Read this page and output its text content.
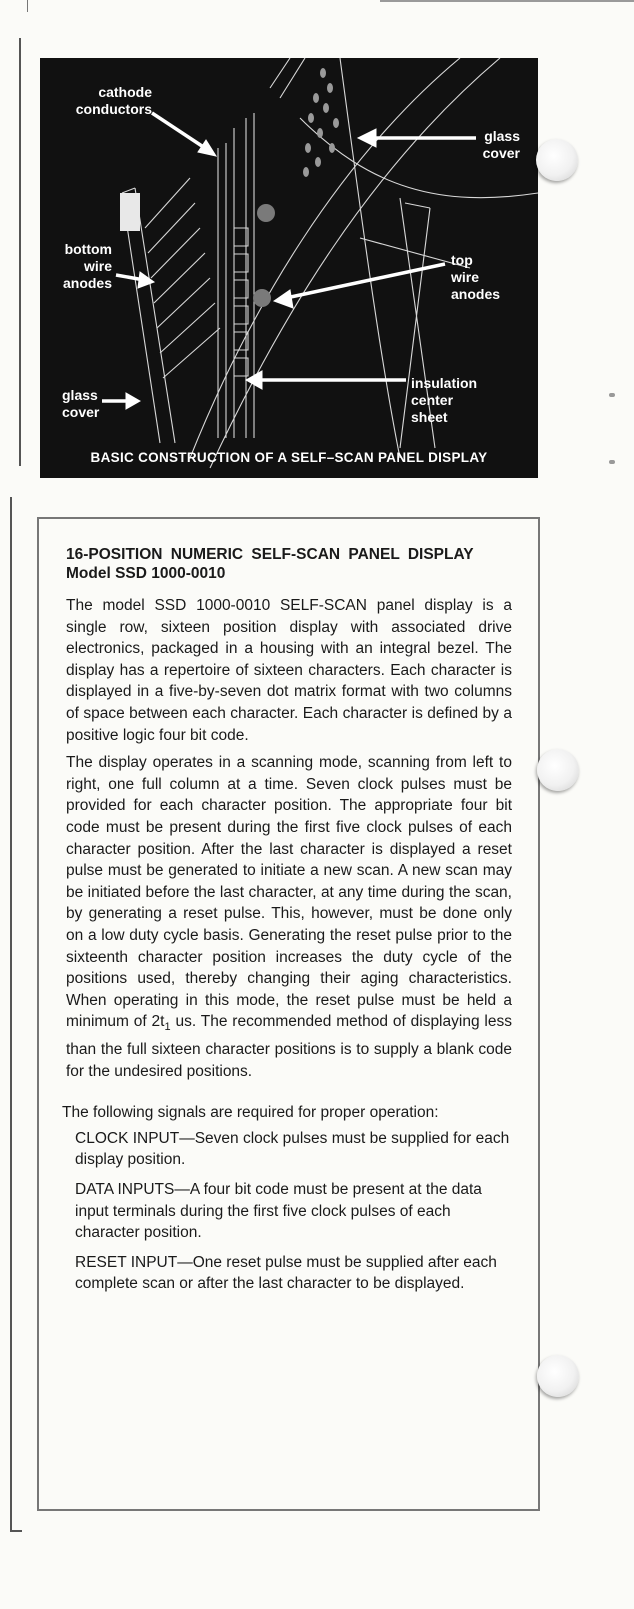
cathode
conductors
glass
cover
bottom
wire
anodes
top
wire
anodes
glass
cover
insulation
center
sheet
BASIC CONSTRUCTION OF A SELF–SCAN PANEL DISPLAY
16-POSITION NUMERIC SELF-SCAN PANEL DISPLAY Model SSD 1000-0010

The model SSD 1000-0010 SELF-SCAN panel display is a single row, sixteen position display with associated drive electronics, packaged in a housing with an integral bezel. The display has a repertoire of sixteen characters. Each character is displayed in a five-by-seven dot matrix format with two columns of space between each character. Each character is defined by a positive logic four bit code.

The display operates in a scanning mode, scanning from left to right, one full column at a time. Seven clock pulses must be provided for each character position. The appropriate four bit code must be present during the first five clock pulses of each character position. After the last character is displayed a reset pulse must be generated to initiate a new scan. A new scan may be initiated before the last character, at any time during the scan, by generating a reset pulse. This, however, must be done only on a low duty cycle basis. Generating the reset pulse prior to the sixteenth character position increases the duty cycle of the positions used, thereby changing their aging characteristics. When operating in this mode, the reset pulse must be held a minimum of $2t_1$ us. The recommended method of displaying less than the full sixteen character positions is to supply a blank code for the undesired positions.

The following signals are required for proper operation:

CLOCK INPUT—Seven clock pulses must be supplied for each display position.

DATA INPUTS—A four bit code must be present at the data input terminals during the first five clock pulses of each character position.

RESET INPUT—One reset pulse must be supplied after each complete scan or after the last character to be displayed.
